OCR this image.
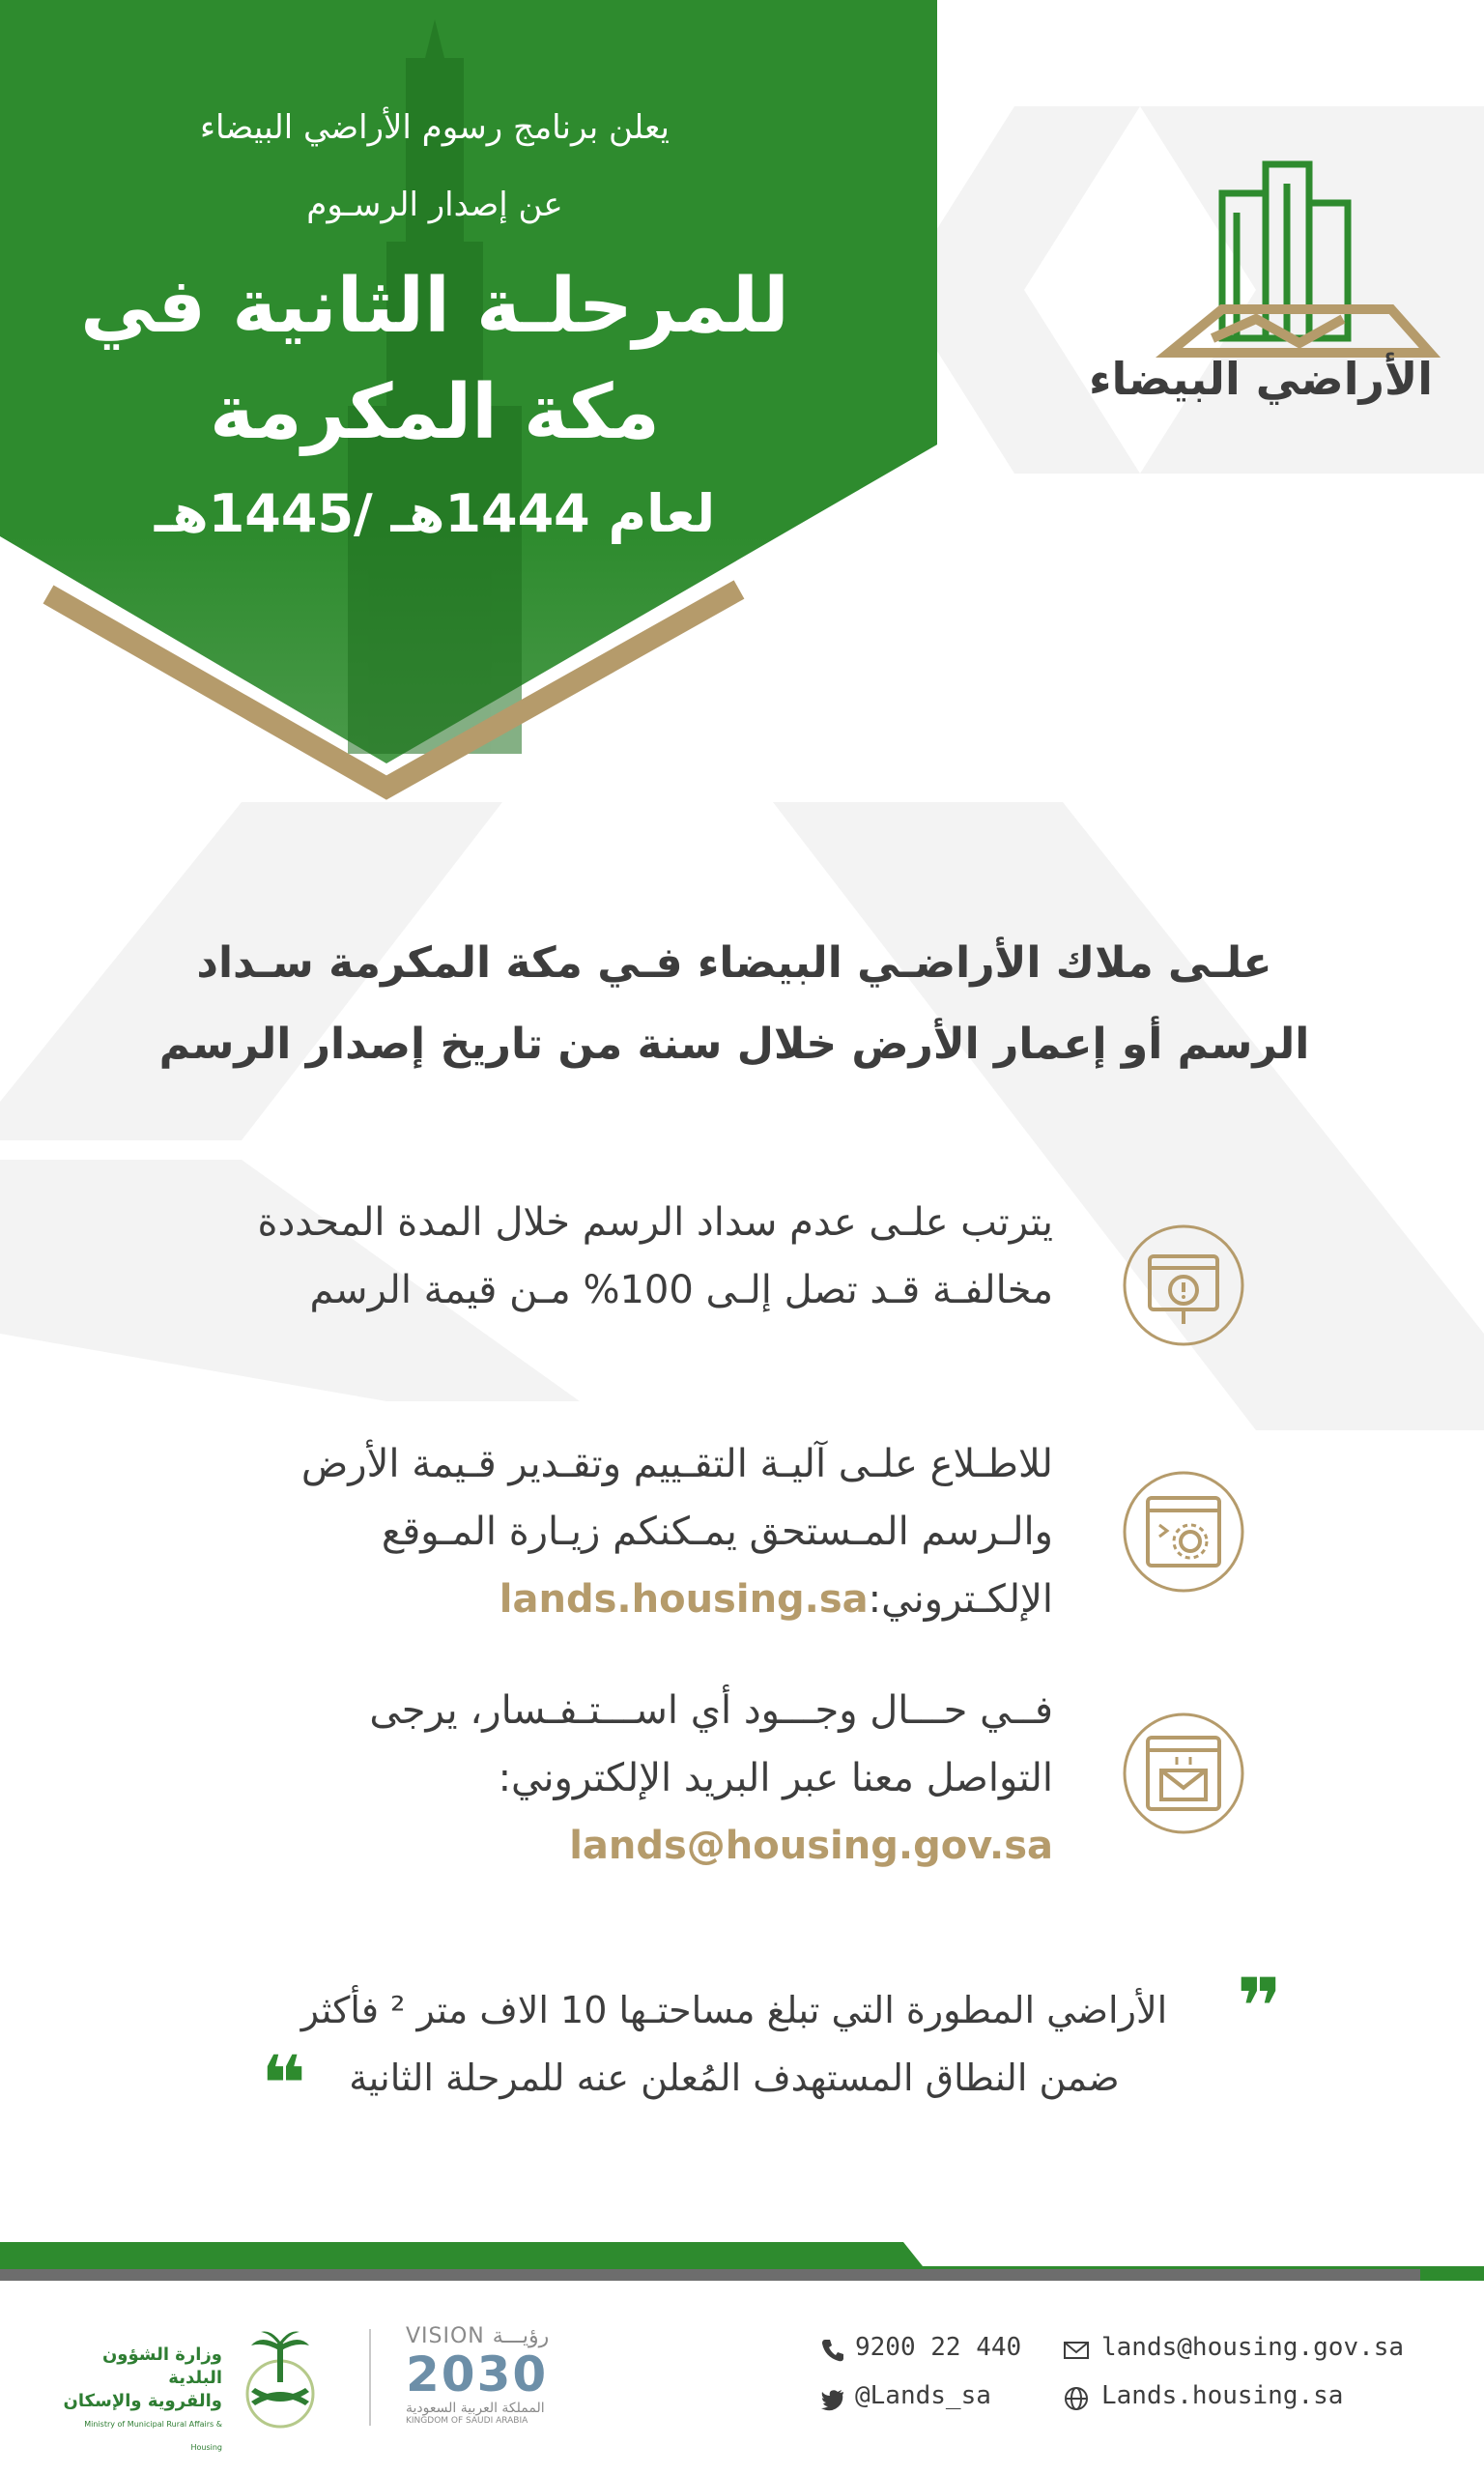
يعلن برنامج رسوم الأراضي البيضاء
عن إصدار الرسـوم
للمرحلـة الثانية في
مكة المكرمة
لعام 1444هـ /1445هـ
الأراضي البيضاء
علـى ملاك الأراضـي البيضاء فـي مكة المكرمة سـداد
الرسم أو إعمار الأرض خلال سنة من تاريخ إصدار الرسم
يترتب علـى عدم سداد الرسم خلال المدة المحددة مخالفـة قـد تصل إلـى 100% مـن قيمة الرسم
للاطـلاع علـى آليـة التقـييم وتقـدير قـيمة الأرض والـرسم المـستحق يمـكنكم زيـارة المـوقع الإلكـتروني:lands.housing.sa
فــي حـــال وجـــود أي اســـتـفـسار، يرجى التواصل معنا عبر البريد الإلكتروني:
lands@housing.gov.sa
❞
الأراضي المطورة التي تبلغ مساحتـها 10 الاف متر ² فأكثر
ضمن النطاق المستهدف المُعلن عنه للمرحلة الثانية
❝
9200 22 440
@Lands_sa
lands@housing.gov.sa
Lands.housing.sa
وزارة الشؤون البلدية
والقروية والإسكان
Ministry of Municipal Rural Affairs & Housing
VISION رؤيـــة
2030
المملكة العربية السعودية
KINGDOM OF SAUDI ARABIA
